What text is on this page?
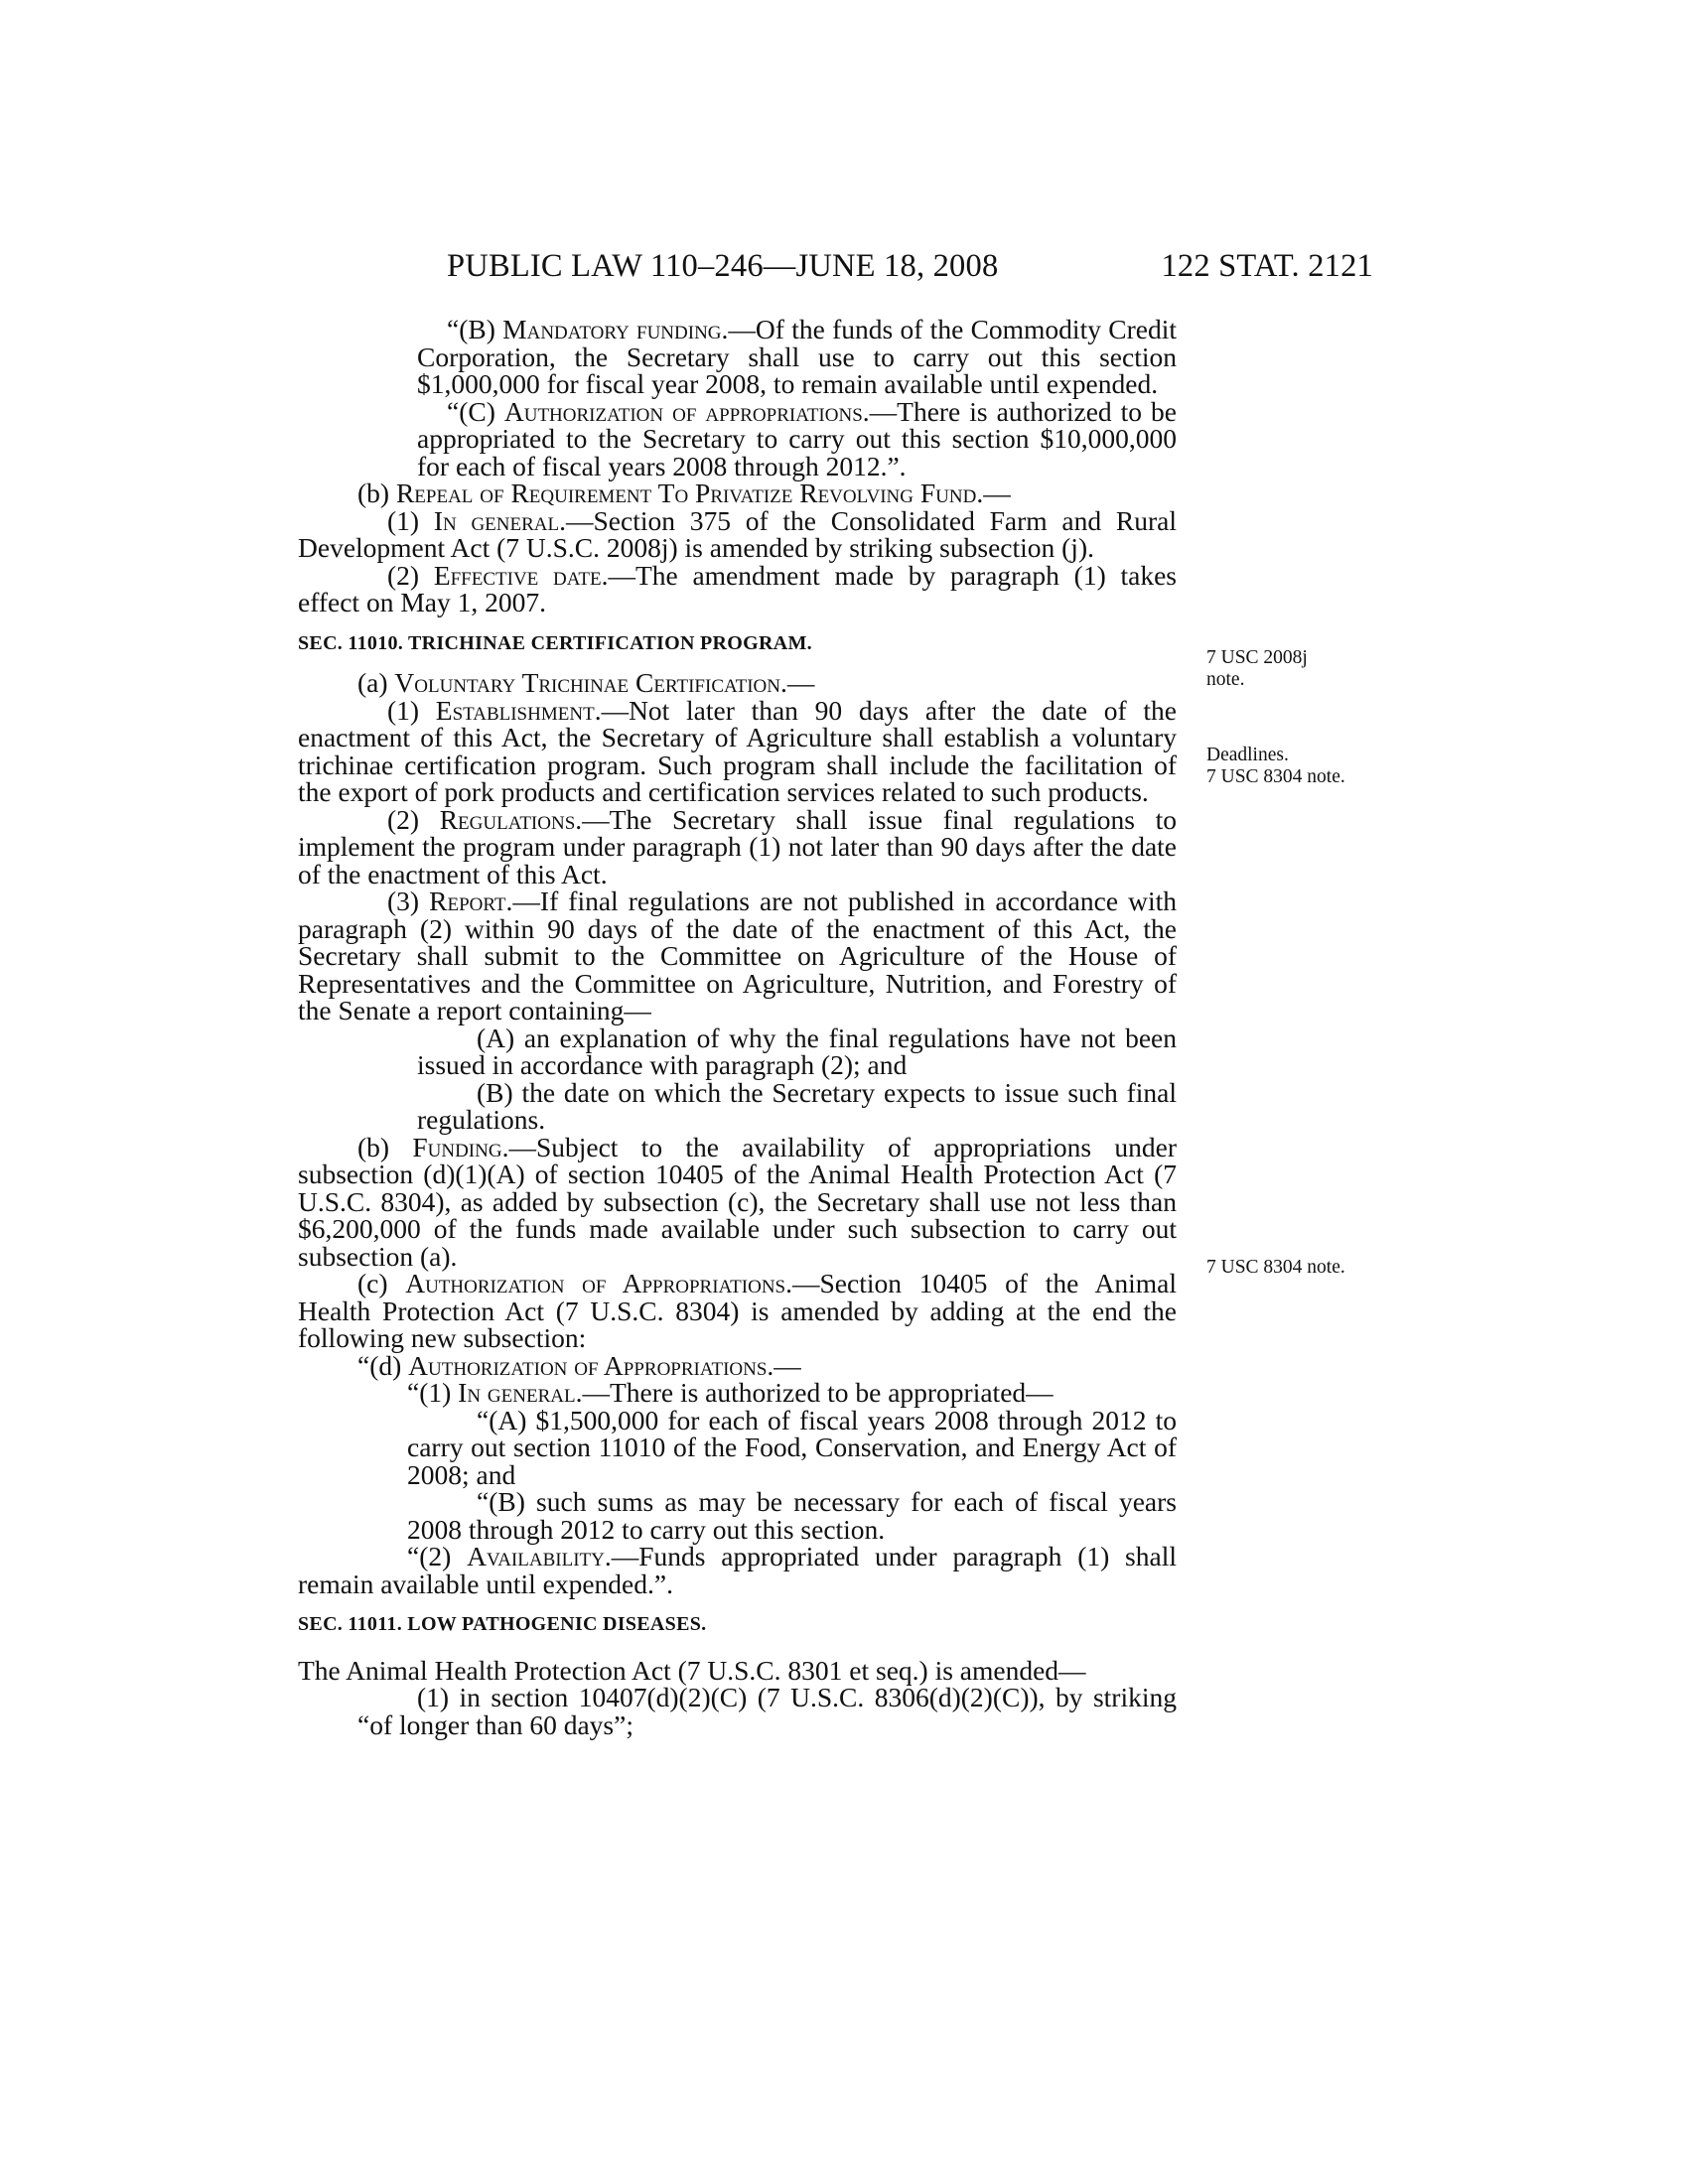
PUBLIC LAW 110–246—JUNE 18, 2008	122 STAT. 2121

“(B) Mandatory funding.—Of the funds of the Commodity Credit Corporation, the Secretary shall use to carry out this section $1,000,000 for fiscal year 2008, to remain available until expended.

“(C) Authorization of appropriations.—There is authorized to be appropriated to the Secretary to carry out this section $10,000,000 for each of fiscal years 2008 through 2012.”.

(b) Repeal of Requirement To Privatize Revolving Fund.—

(1) In general.—Section 375 of the Consolidated Farm and Rural Development Act (7 U.S.C. 2008j) is amended by striking subsection (j).

(2) Effective date.—The amendment made by paragraph (1) takes effect on May 1, 2007.

SEC. 11010. TRICHINAE CERTIFICATION PROGRAM.

(a) Voluntary Trichinae Certification.—

(1) Establishment.—Not later than 90 days after the date of the enactment of this Act, the Secretary of Agriculture shall establish a voluntary trichinae certification program. Such program shall include the facilitation of the export of pork products and certification services related to such products.

(2) Regulations.—The Secretary shall issue final regulations to implement the program under paragraph (1) not later than 90 days after the date of the enactment of this Act.

(3) Report.—If final regulations are not published in accordance with paragraph (2) within 90 days of the date of the enactment of this Act, the Secretary shall submit to the Committee on Agriculture of the House of Representatives and the Committee on Agriculture, Nutrition, and Forestry of the Senate a report containing—

(A) an explanation of why the final regulations have not been issued in accordance with paragraph (2); and

(B) the date on which the Secretary expects to issue such final regulations.

(b) Funding.—Subject to the availability of appropriations under subsection (d)(1)(A) of section 10405 of the Animal Health Protection Act (7 U.S.C. 8304), as added by subsection (c), the Secretary shall use not less than $6,200,000 of the funds made available under such subsection to carry out subsection (a).

(c) Authorization of Appropriations.—Section 10405 of the Animal Health Protection Act (7 U.S.C. 8304) is amended by adding at the end the following new subsection:

“(d) Authorization of Appropriations.—

“(1) In general.—There is authorized to be appropriated—

“(A) $1,500,000 for each of fiscal years 2008 through 2012 to carry out section 11010 of the Food, Conservation, and Energy Act of 2008; and

“(B) such sums as may be necessary for each of fiscal years 2008 through 2012 to carry out this section.

“(2) Availability.—Funds appropriated under paragraph (1) shall remain available until expended.”.

SEC. 11011. LOW PATHOGENIC DISEASES.

The Animal Health Protection Act (7 U.S.C. 8301 et seq.) is amended—

(1) in section 10407(d)(2)(C) (7 U.S.C. 8306(d)(2)(C)), by striking “of longer than 60 days”;

7 USC 2008j
note.
Deadlines.
7 USC 8304 note.
7 USC 8304 note.
